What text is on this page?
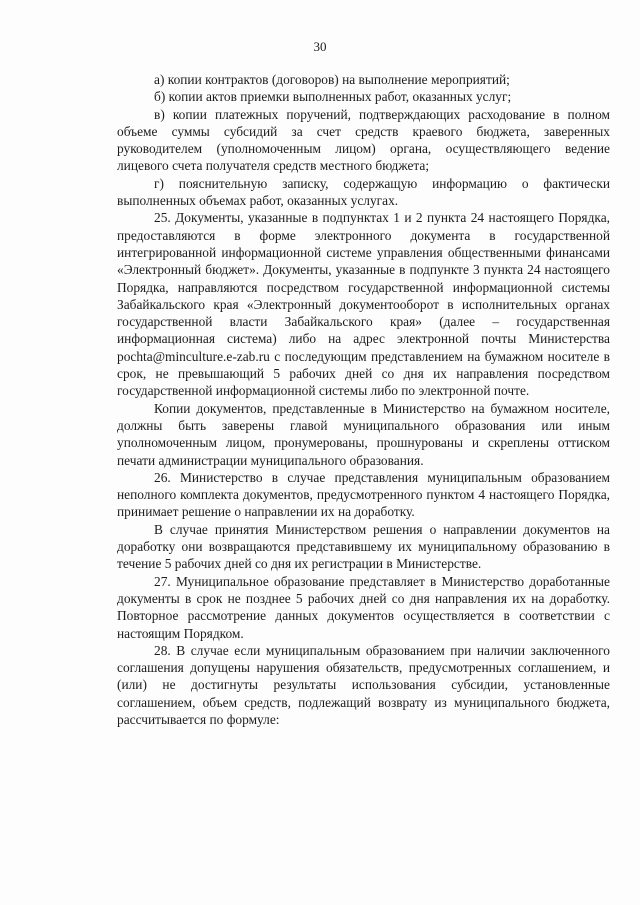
30

а) копии контрактов (договоров) на выполнение мероприятий;

б) копии актов приемки выполненных работ, оказанных услуг;

в) копии платежных поручений, подтверждающих расходование в полном объеме суммы субсидий за счет средств краевого бюджета, заверенных руководителем (уполномоченным лицом) органа, осуществляющего ведение лицевого счета получателя средств местного бюджета;

г) пояснительную записку, содержащую информацию о фактически выполненных объемах работ, оказанных услугах.

25. Документы, указанные в подпунктах 1 и 2 пункта 24 настоящего Порядка, предоставляются в форме электронного документа в государственной интегрированной информационной системе управления общественными финансами «Электронный бюджет». Документы, указанные в подпункте 3 пункта 24 настоящего Порядка, направляются посредством государственной информационной системы Забайкальского края «Электронный документооборот в исполнительных органах государственной власти Забайкальского края» (далее – государственная информационная система) либо на адрес электронной почты Министерства pochta@minculture.e-zab.ru с последующим представлением на бумажном носителе в срок, не превышающий 5 рабочих дней со дня их направления посредством государственной информационной системы либо по электронной почте.

Копии документов, представленные в Министерство на бумажном носителе, должны быть заверены главой муниципального образования или иным уполномоченным лицом, пронумерованы, прошнурованы и скреплены оттиском печати администрации муниципального образования.

26. Министерство в случае представления муниципальным образованием неполного комплекта документов, предусмотренного пунктом 4 настоящего Порядка, принимает решение о направлении их на доработку.

В случае принятия Министерством решения о направлении документов на доработку они возвращаются представившему их муниципальному образованию в течение 5 рабочих дней со дня их регистрации в Министерстве.

27. Муниципальное образование представляет в Министерство доработанные документы в срок не позднее 5 рабочих дней со дня направления их на доработку. Повторное рассмотрение данных документов осуществляется в соответствии с настоящим Порядком.

28. В случае если муниципальным образованием при наличии заключенного соглашения допущены нарушения обязательств, предусмотренных соглашением, и (или) не достигнуты результаты использования субсидии, установленные соглашением, объем средств, подлежащий возврату из муниципального бюджета, рассчитывается по формуле:
